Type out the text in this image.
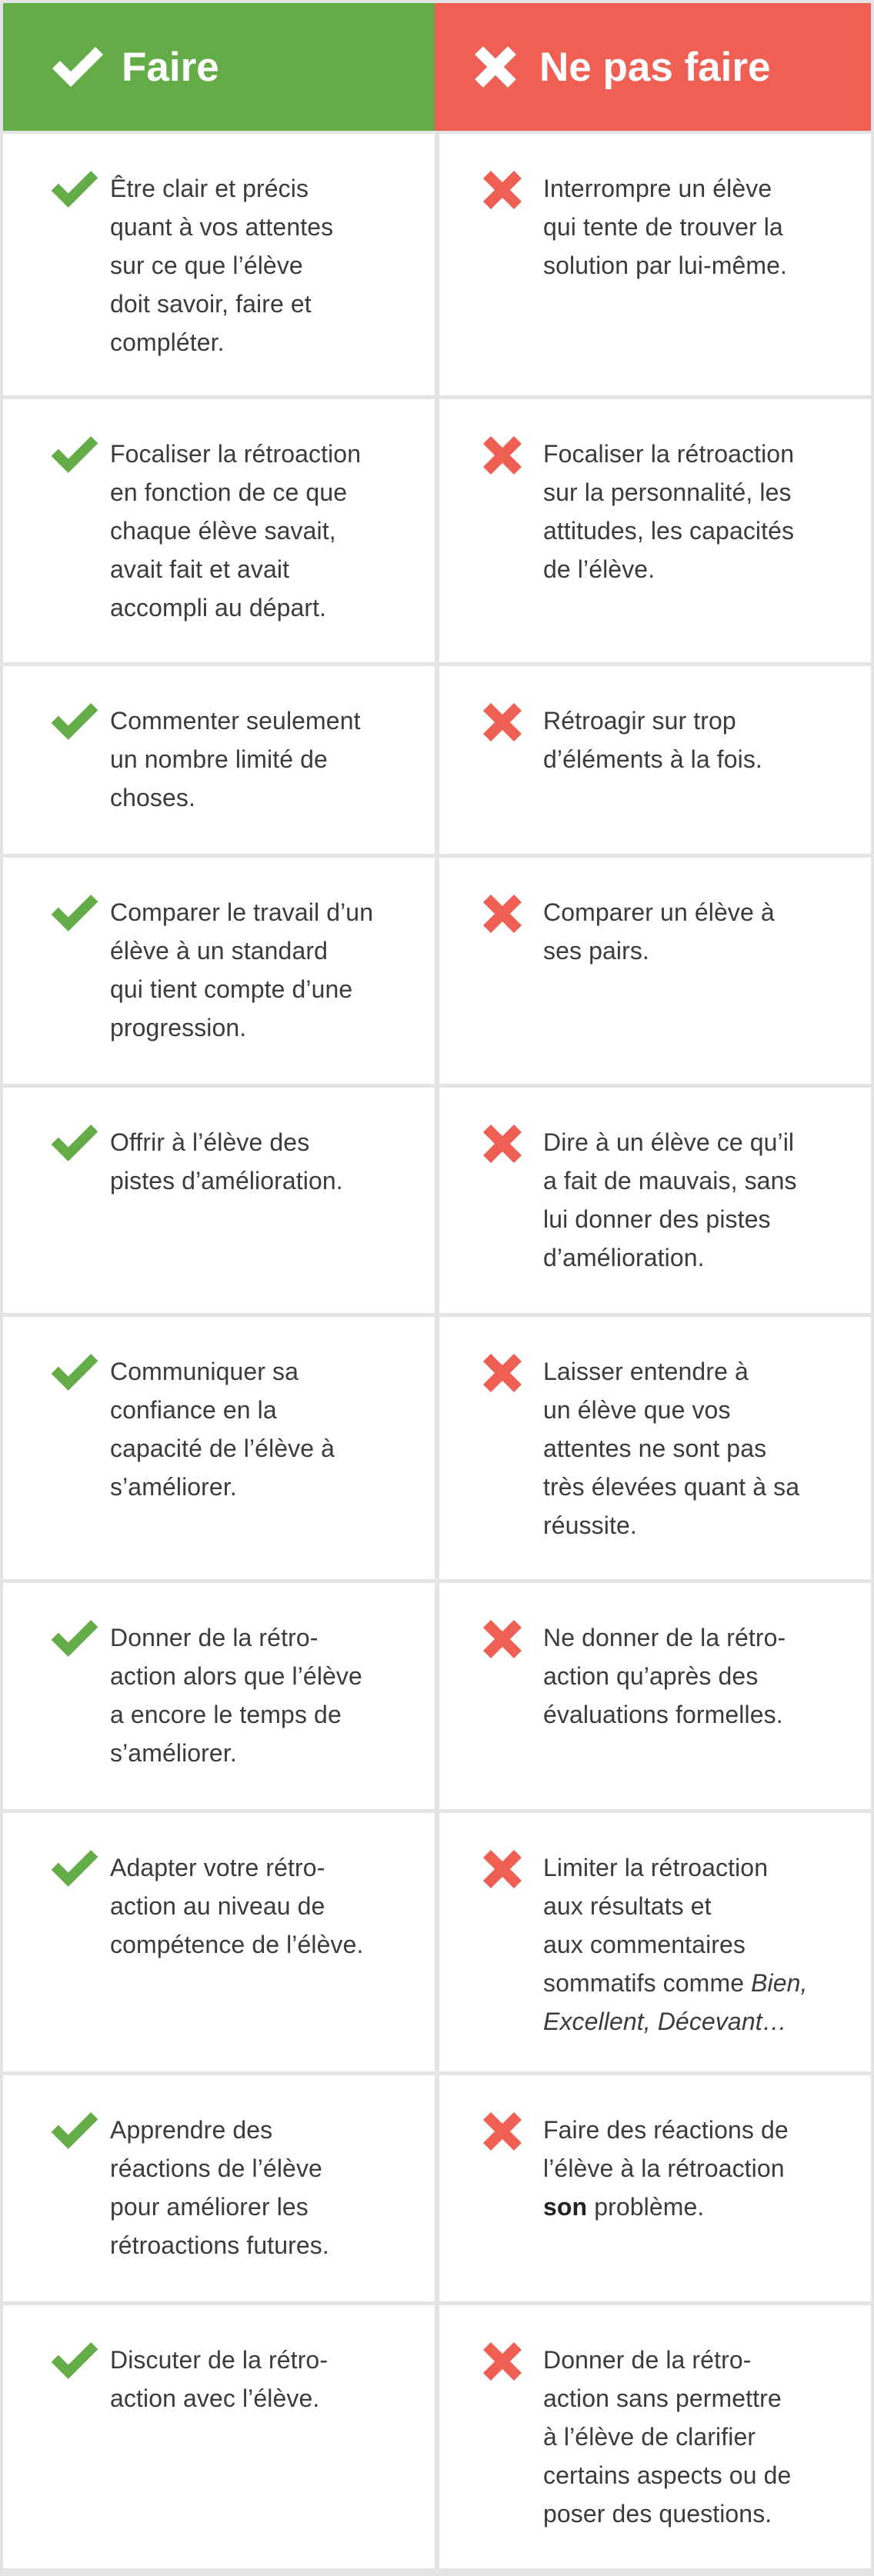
Faire	Ne pas faire
Être clair et précis
quant à vos attentes
sur ce que l’élève
doit savoir, faire et
compléter.
Interrompre un élève
qui tente de trouver la
solution par lui-même.
Focaliser la rétroaction
en fonction de ce que
chaque élève savait,
avait fait et avait
accompli au départ.
Focaliser la rétroaction
sur la personnalité, les
attitudes, les capacités
de l’élève.
Commenter seulement
un nombre limité de
choses.
Rétroagir sur trop
d’éléments à la fois.
Comparer le travail d’un
élève à un standard
qui tient compte d’une
progression.
Comparer un élève à
ses pairs.
Offrir à l’élève des
pistes d’amélioration.
Dire à un élève ce qu’il
a fait de mauvais, sans
lui donner des pistes
d’amélioration.
Communiquer sa
confiance en la
capacité de l’élève à
s’améliorer.
Laisser entendre à
un élève que vos
attentes ne sont pas
très élevées quant à sa
réussite.
Donner de la rétro-
action alors que l’élève
a encore le temps de
s’améliorer.
Ne donner de la rétro-
action qu’après des
évaluations formelles.
Adapter votre rétro-
action au niveau de
compétence de l’élève.
Limiter la rétroaction
aux résultats et
aux commentaires
sommatifs comme Bien,
Excellent, Décevant…
Apprendre des
réactions de l’élève
pour améliorer les
rétroactions futures.
Faire des réactions de
l’élève à la rétroaction
son problème.
Discuter de la rétro-
action avec l’élève.
Donner de la rétro-
action sans permettre
à l’élève de clarifier
certains aspects ou de
poser des questions.
